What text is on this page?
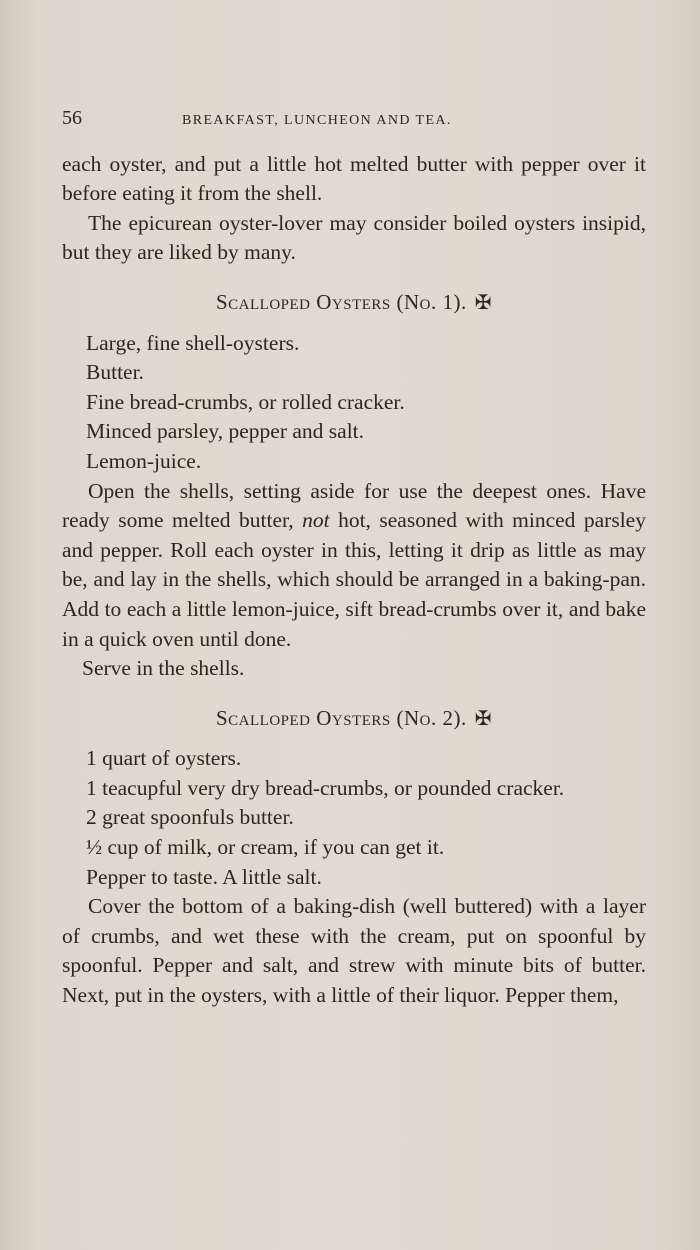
56	BREAKFAST, LUNCHEON AND TEA.

each oyster, and put a little hot melted butter with pepper over it before eating it from the shell.

The epicurean oyster-lover may consider boiled oysters insipid, but they are liked by many.

Scalloped Oysters (No. 1). ✠

Large, fine shell-oysters.

Butter.

Fine bread-crumbs, or rolled cracker.

Minced parsley, pepper and salt.

Lemon-juice.

Open the shells, setting aside for use the deepest ones. Have ready some melted butter, not hot, seasoned with minced parsley and pepper. Roll each oyster in this, letting it drip as little as may be, and lay in the shells, which should be arranged in a baking-pan. Add to each a little lemon-juice, sift bread-crumbs over it, and bake in a quick oven until done.

Serve in the shells.

Scalloped Oysters (No. 2). ✠

1 quart of oysters.

1 teacupful very dry bread-crumbs, or pounded cracker.

2 great spoonfuls butter.

½ cup of milk, or cream, if you can get it.

Pepper to taste. A little salt.

Cover the bottom of a baking-dish (well buttered) with a layer of crumbs, and wet these with the cream, put on spoonful by spoonful. Pepper and salt, and strew with minute bits of butter. Next, put in the oysters, with a little of their liquor. Pepper them,
